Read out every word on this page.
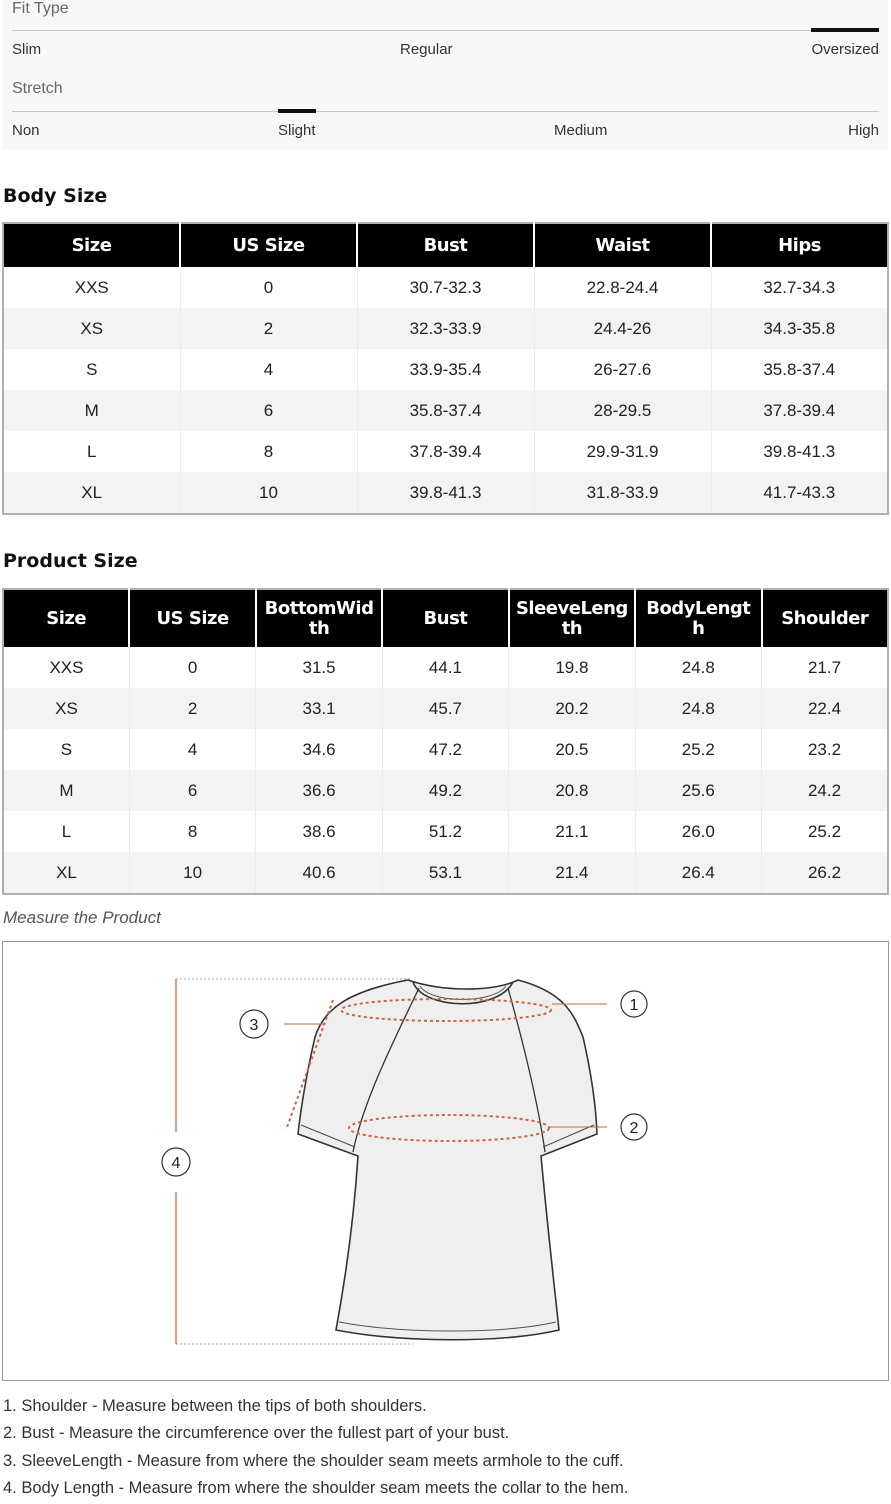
Fit Type
Slim	Regular	Oversized
Stretch
Non	Slight	Medium	High
Body Size
Size	US Size	Bust	Waist	Hips
XXS	0	30.7-32.3	22.8-24.4	32.7-34.3
XS	2	32.3-33.9	24.4-26	34.3-35.8
S	4	33.9-35.4	26-27.6	35.8-37.4
M	6	35.8-37.4	28-29.5	37.8-39.4
L	8	37.8-39.4	29.9-31.9	39.8-41.3
XL	10	39.8-41.3	31.8-33.9	41.7-43.3
Product Size
Size	US Size	BottomWidth	Bust	SleeveLength	BodyLength	Shoulder
XXS	0	31.5	44.1	19.8	24.8	21.7
XS	2	33.1	45.7	20.2	24.8	22.4
S	4	34.6	47.2	20.5	25.2	23.2
M	6	36.6	49.2	20.8	25.6	24.2
L	8	38.6	51.2	21.1	26.0	25.2
XL	10	40.6	53.1	21.4	26.4	26.2
Measure the Product
1
2
3
4
1. Shoulder - Measure between the tips of both shoulders.
2. Bust - Measure the circumference over the fullest part of your bust.
3. SleeveLength - Measure from where the shoulder seam meets armhole to the cuff.
4. Body Length - Measure from where the shoulder seam meets the collar to the hem.
